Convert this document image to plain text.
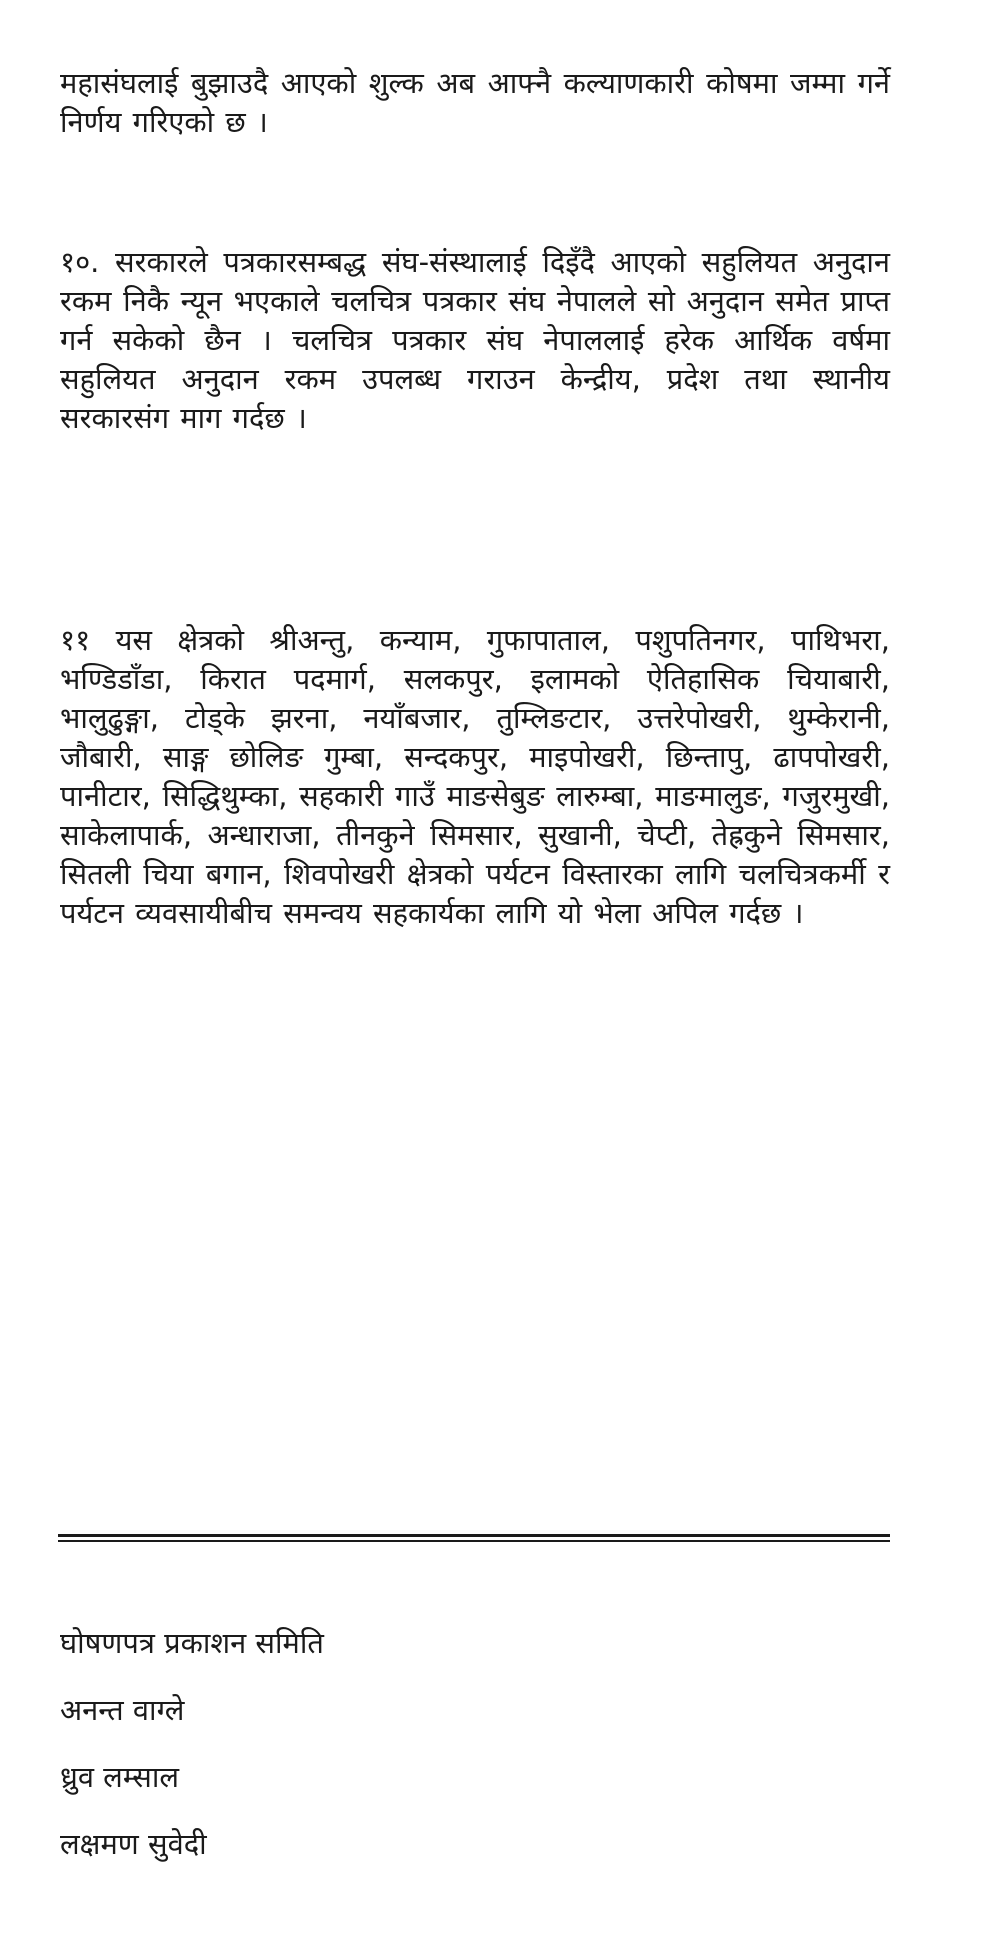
महासंघलाई बुझाउदै आएको शुल्क अब आफ्नै कल्याणकारी कोषमा जम्मा गर्ने निर्णय गरिएको छ ।

१०. सरकारले पत्रकारसम्बद्ध संघ-संस्थालाई दिइँदै आएको सहुलियत अनुदान रकम निकै न्यून भएकाले चलचित्र पत्रकार संघ नेपालले सो अनुदान समेत प्राप्त गर्न सकेको छैन । चलचित्र पत्रकार संघ नेपाललाई हरेक आर्थिक वर्षमा सहुलियत अनुदान रकम उपलब्ध गराउन केन्द्रीय, प्रदेश तथा स्थानीय सरकारसंग माग गर्दछ ।

११ यस क्षेत्रको श्रीअन्तु, कन्याम, गुफापाताल, पशुपतिनगर, पाथिभरा, भण्डिडाँडा, किरात पदमार्ग, सलकपुर, इलामको ऐतिहासिक चियाबारी, भालुढुङ्गा, टोड्के झरना, नयाँबजार, तुम्लिङटार, उत्तरेपोखरी, थुम्केरानी, जौबारी, साङ्ग छोलिङ गुम्बा, सन्दकपुर, माइपोखरी, छिन्तापु, ढापपोखरी, पानीटार, सिद्धिथुम्का, सहकारी गाउँ माङसेबुङ लारुम्बा, माङमालुङ, गजुरमुखी, साकेलापार्क, अन्धाराजा, तीनकुने सिमसार, सुखानी, चेप्टी, तेह्रकुने सिमसार, सितली चिया बगान, शिवपोखरी क्षेत्रको पर्यटन विस्तारका लागि चलचित्रकर्मी र पर्यटन व्यवसायीबीच समन्वय सहकार्यका लागि यो भेला अपिल गर्दछ ।

घोषणपत्र प्रकाशन समिति

अनन्त वाग्ले

ध्रुव लम्साल

लक्षमण सुवेदी
